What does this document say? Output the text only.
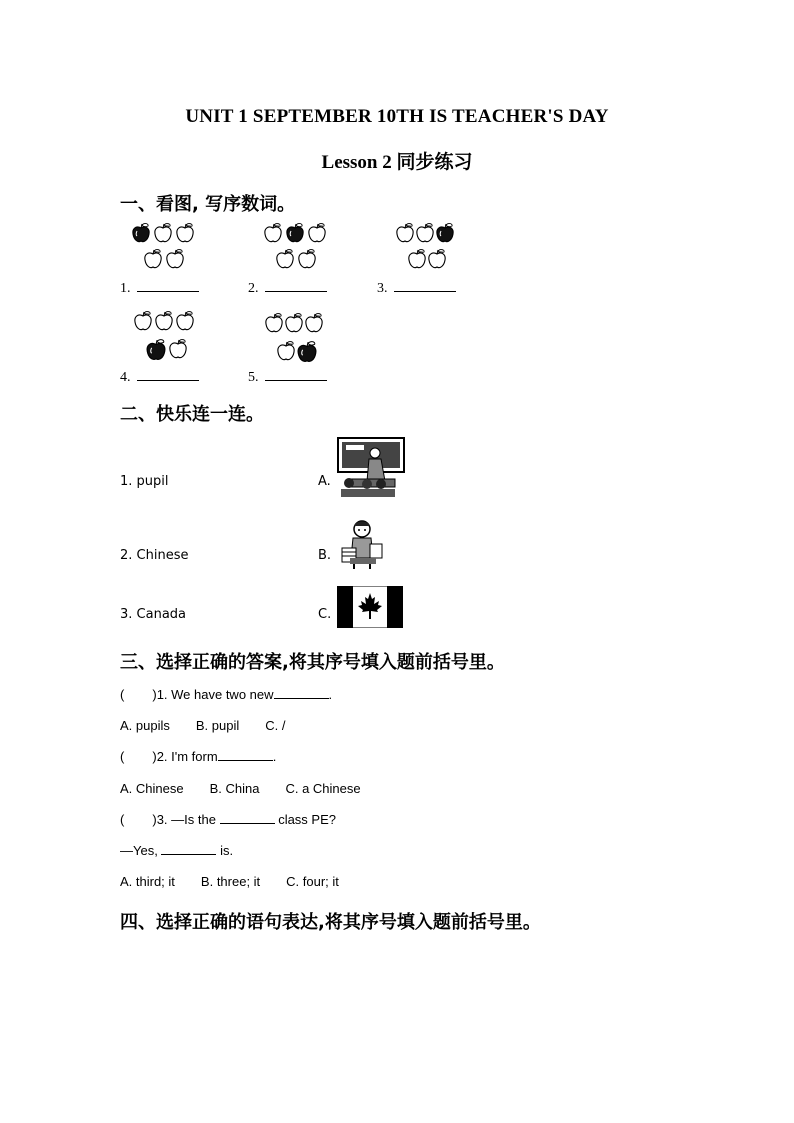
UNIT 1 SEPTEMBER 10TH IS TEACHER'S DAY
Lesson 2 同步练习
一、看图, 写序数词。
1.	2.	3.
4.	5.
二、快乐连一连。
1. pupil
2. Chinese
3. Canada
A.
B.
C.
三、选择正确的答案,将其序号填入题前括号里。
( )1. We have two new	.
A. pupils B. pupil C. /
( )2. I'm form	.
A. Chinese B. China C. a Chinese
( )3. —Is the	class PE?
—Yes,	is.
A. third; it B. three; it C. four; it
四、选择正确的语句表达,将其序号填入题前括号里。
